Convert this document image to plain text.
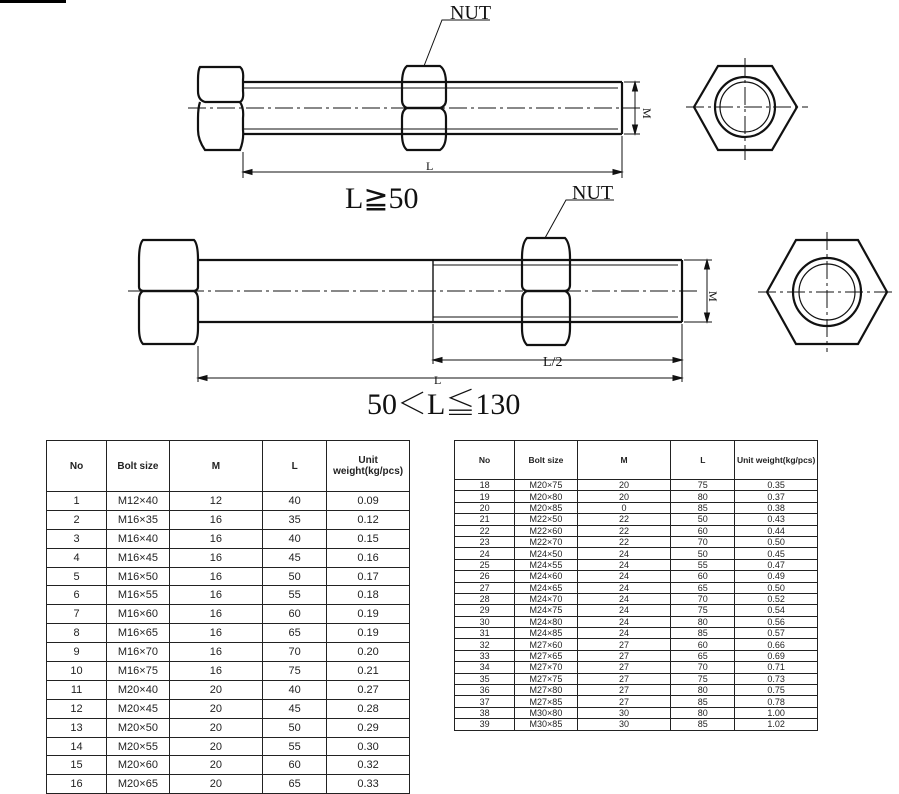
NUT
M
L
L≧50	NUT
M
L/2
L
50＜L≦130
No	Bolt size	M	L	Unit weight(kg/pcs)
1	M12×40	12	40	0.09
2	M16×35	16	35	0.12
3	M16×40	16	40	0.15
4	M16×45	16	45	0.16
5	M16×50	16	50	0.17
6	M16×55	16	55	0.18
7	M16×60	16	60	0.19
8	M16×65	16	65	0.19
9	M16×70	16	70	0.20
10	M16×75	16	75	0.21
11	M20×40	20	40	0.27
12	M20×45	20	45	0.28
13	M20×50	20	50	0.29
14	M20×55	20	55	0.30
15	M20×60	20	60	0.32
16	M20×65	20	65	0.33
No	Bolt size	M	L	Unit weight(kg/pcs)
18	M20×75	20	75	0.35
19	M20×80	20	80	0.37
20	M20×85	0	85	0.38
21	M22×50	22	50	0.43
22	M22×60	22	60	0.44
23	M22×70	22	70	0.50
24	M24×50	24	50	0.45
25	M24×55	24	55	0.47
26	M24×60	24	60	0.49
27	M24×65	24	65	0.50
28	M24×70	24	70	0.52
29	M24×75	24	75	0.54
30	M24×80	24	80	0.56
31	M24×85	24	85	0.57
32	M27×60	27	60	0.66
33	M27×65	27	65	0.69
34	M27×70	27	70	0.71
35	M27×75	27	75	0.73
36	M27×80	27	80	0.75
37	M27×85	27	85	0.78
38	M30×80	30	80	1.00
39	M30×85	30	85	1.02
